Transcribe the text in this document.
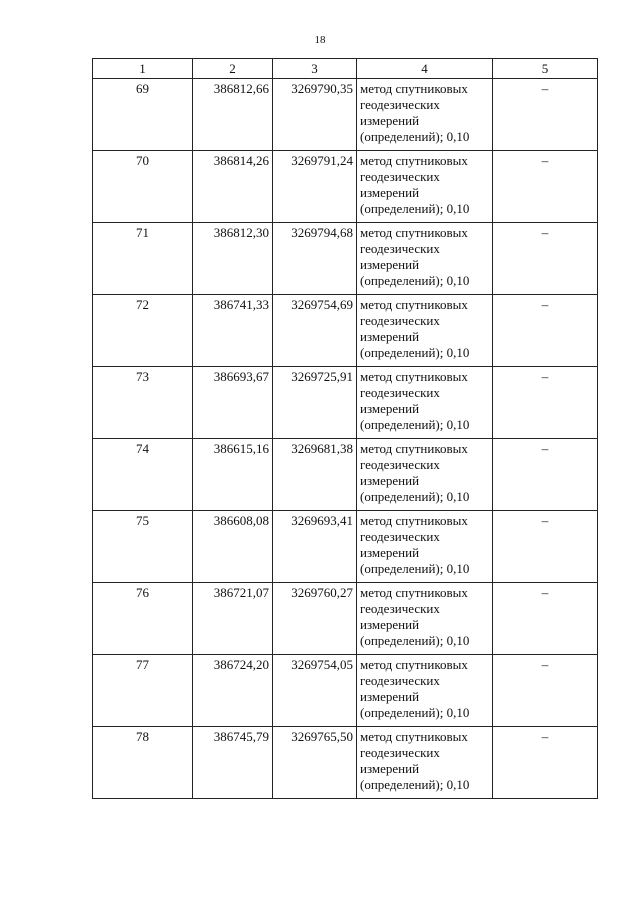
18
1	2	3	4	5
69	386812,66	3269790,35	метод спутниковых геодезических измерений (определений); 0,10	–
70	386814,26	3269791,24	метод спутниковых геодезических измерений (определений); 0,10	–
71	386812,30	3269794,68	метод спутниковых геодезических измерений (определений); 0,10	–
72	386741,33	3269754,69	метод спутниковых геодезических измерений (определений); 0,10	–
73	386693,67	3269725,91	метод спутниковых геодезических измерений (определений); 0,10	–
74	386615,16	3269681,38	метод спутниковых геодезических измерений (определений); 0,10	–
75	386608,08	3269693,41	метод спутниковых геодезических измерений (определений); 0,10	–
76	386721,07	3269760,27	метод спутниковых геодезических измерений (определений); 0,10	–
77	386724,20	3269754,05	метод спутниковых геодезических измерений (определений); 0,10	–
78	386745,79	3269765,50	метод спутниковых геодезических измерений (определений); 0,10	–
